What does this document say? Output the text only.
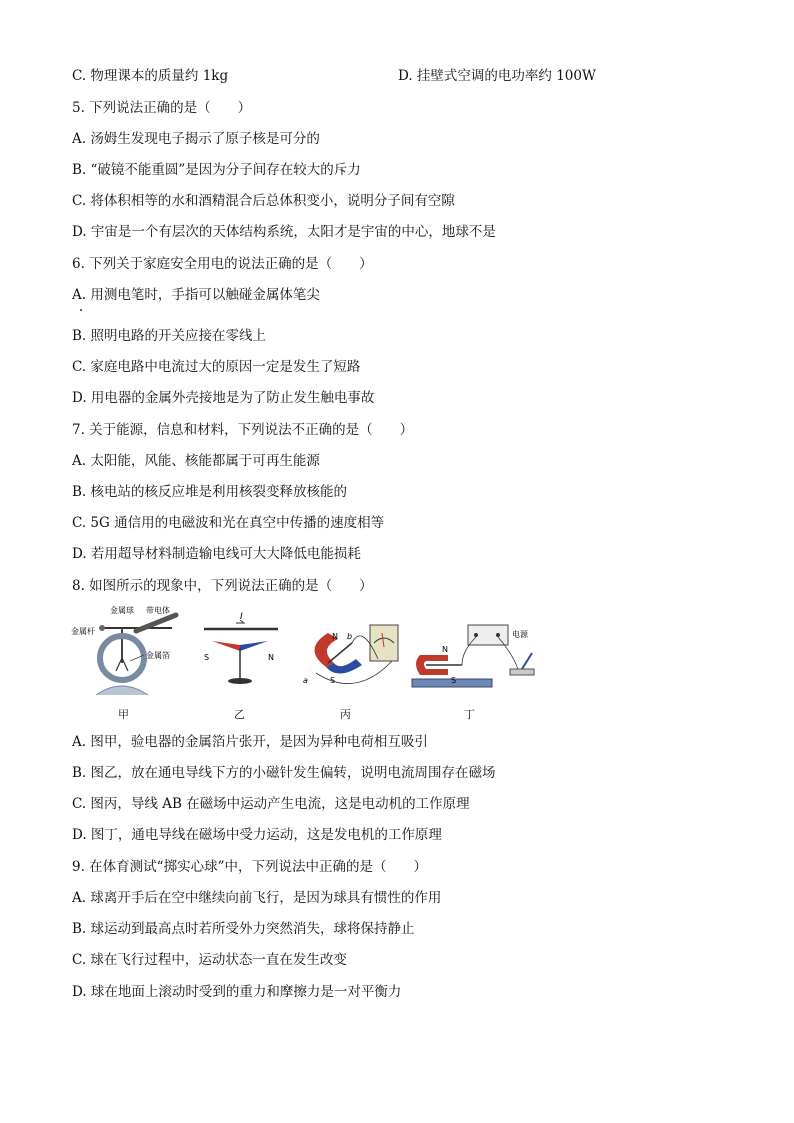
C. 物理课本的质量约 1kg	D. 挂壁式空调的电功率约 100W
5. 下列说法正确的是（　　）
A. 汤姆生发现电子揭示了原子核是可分的
B. “破镜不能重圆”是因为分子间存在较大的斥力
C. 将体积相等的水和酒精混合后总体积变小，说明分子间有空隙
D. 宇宙是一个有层次的天体结构系统，太阳才是宇宙的中心，地球不是
6. 下列关于家庭安全用电的说法正确的是（　　）
A. 用测电笔时，手指可以触碰金属体笔尖
B. 照明电路的开关应接在零线上
C. 家庭电路中电流过大的原因一定是发生了短路
D. 用电器的金属外壳接地是为了防止发生触电事故
7. 关于能源，信息和材料，下列说法不正确的是（　　）
A. 太阳能，风能、核能都属于可再生能源
B. 核电站的核反应堆是利用核裂变释放核能的
C. 5G 通信用的电磁波和光在真空中传播的速度相等
D. 若用超导材料制造输电线可大大降低电能损耗
8. 如图所示的现象中，下列说法正确的是（　　）
金属杆
金属球 带电体
金属箔
I
S	N
N
S
b
a
电源
N
S
甲	乙	丙	丁
A. 图甲，验电器的金属箔片张开，是因为异种电荷相互吸引
B. 图乙，放在通电导线下方的小磁针发生偏转，说明电流周围存在磁场
C. 图丙，导线 AB 在磁场中运动产生电流，这是电动机的工作原理
D. 图丁，通电导线在磁场中受力运动，这是发电机的工作原理
9. 在体育测试“掷实心球”中，下列说法中正确的是（　　）
A. 球离开手后在空中继续向前飞行，是因为球具有惯性的作用
B. 球运动到最高点时若所受外力突然消失，球将保持静止
C. 球在飞行过程中，运动状态一直在发生改变
D. 球在地面上滚动时受到的重力和摩擦力是一对平衡力
